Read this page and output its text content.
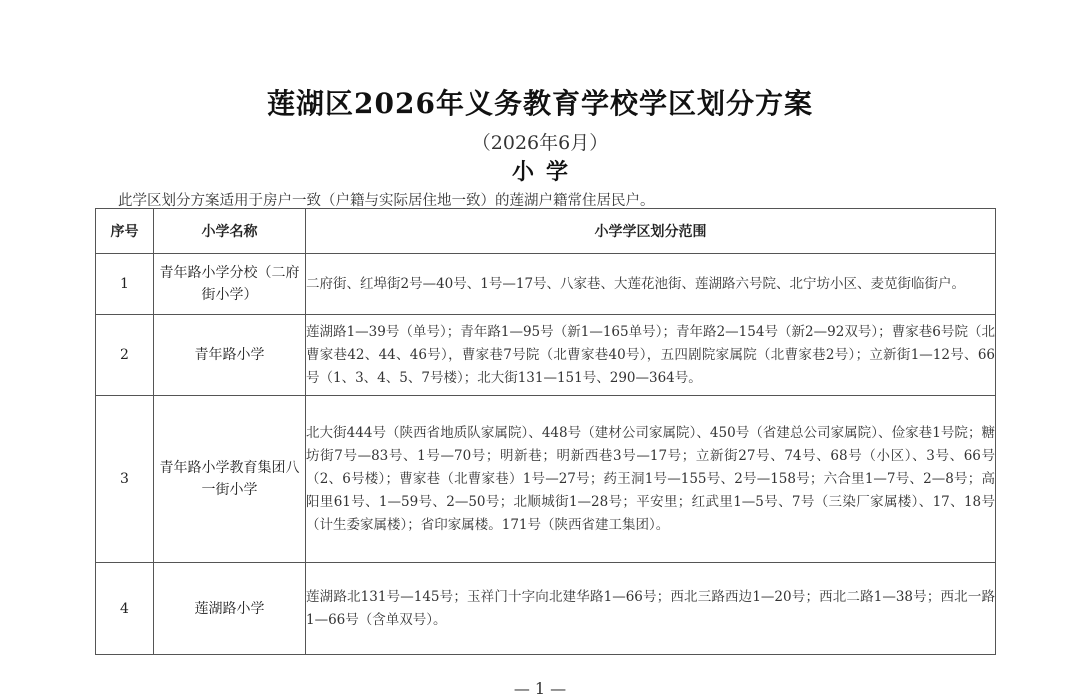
莲湖区2026年义务教育学校学区划分方案
（2026年6月）
小学
此学区划分方案适用于房户一致（户籍与实际居住地一致）的莲湖户籍常住居民户。
序号	小学名称	小学学区划分范围
1	青年路小学分校（二府街小学）	二府街、红埠街2号—40号、1号—17号、八家巷、大莲花池街、莲湖路六号院、北宁坊小区、麦苋街临街户。
2	青年路小学	莲湖路1—39号（单号）；青年路1—95号（新1—165单号）；青年路2—154号（新2—92双号）；曹家巷6号院（北曹家巷42、44、46号），曹家巷7号院（北曹家巷40号），五四剧院家属院（北曹家巷2号）；立新街1—12号、66号（1、3、4、5、7号楼）；北大街131—151号、290—364号。
3	青年路小学教育集团八一街小学	北大街444号（陕西省地质队家属院）、448号（建材公司家属院）、450号（省建总公司家属院）、俭家巷1号院；糖坊街7号—83号、1号—70号；明新巷；明新西巷3号—17号；立新街27号、74号、68号（小区）、3号、66号（2、6号楼）；曹家巷（北曹家巷）1号—27号；药王洞1号—155号、2号—158号；六合里1—7号、2—8号；高阳里61号、1—59号、2—50号；北顺城街1—28号；平安里；红武里1—5号、7号（三染厂家属楼）、17、18号（计生委家属楼）；省印家属楼。171号（陕西省建工集团）。
4	莲湖路小学	莲湖路北131号—145号；玉祥门十字向北建华路1—66号；西北三路西边1—20号；西北二路1—38号；西北一路1—66号（含单双号）。
— 1 —
